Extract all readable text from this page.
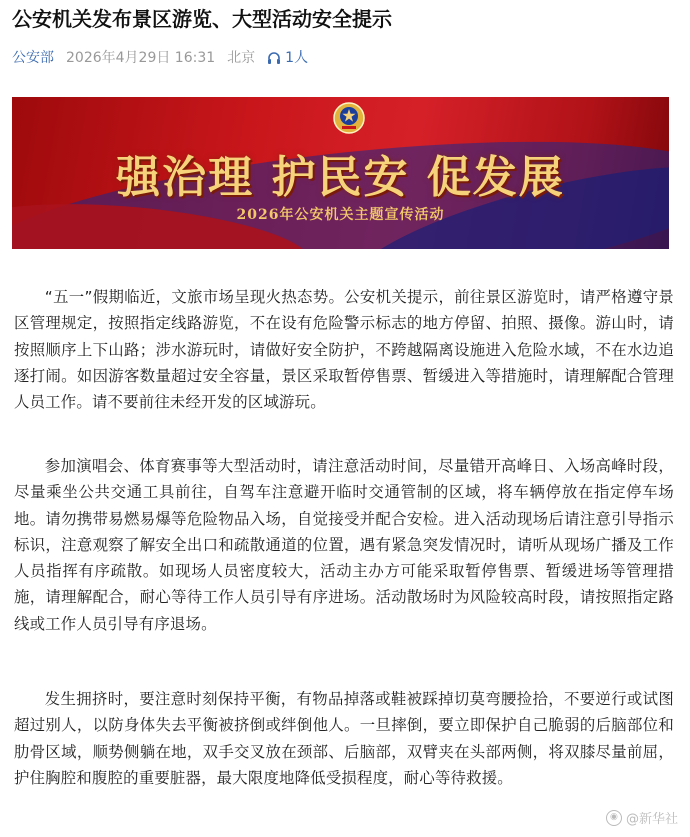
公安机关发布景区游览、大型活动安全提示
公安部 2026年4月29日 16:31 北京 1人
强治理 护民安 促发展
2026年公安机关主题宣传活动

“五一”假期临近，文旅市场呈现火热态势。公安机关提示，前往景区游览时，请严格遵守景区管理规定，按照指定线路游览，不在设有危险警示标志的地方停留、拍照、摄像。游山时，请按照顺序上下山路；涉水游玩时，请做好安全防护，不跨越隔离设施进入危险水域，不在水边追逐打闹。如因游客数量超过安全容量，景区采取暂停售票、暂缓进入等措施时，请理解配合管理人员工作。请不要前往未经开发的区域游玩。

参加演唱会、体育赛事等大型活动时，请注意活动时间，尽量错开高峰日、入场高峰时段，尽量乘坐公共交通工具前往，自驾车注意避开临时交通管制的区域，将车辆停放在指定停车场地。请勿携带易燃易爆等危险物品入场，自觉接受并配合安检。进入活动现场后请注意引导指示标识，注意观察了解安全出口和疏散通道的位置，遇有紧急突发情况时，请听从现场广播及工作人员指挥有序疏散。如现场人员密度较大，活动主办方可能采取暂停售票、暂缓进场等管理措施，请理解配合，耐心等待工作人员引导有序进场。活动散场时为风险较高时段，请按照指定路线或工作人员引导有序退场。

发生拥挤时，要注意时刻保持平衡，有物品掉落或鞋被踩掉切莫弯腰捡拾，不要逆行或试图超过别人，以防身体失去平衡被挤倒或绊倒他人。一旦摔倒，要立即保护自己脆弱的后脑部位和肋骨区域，顺势侧躺在地，双手交叉放在颈部、后脑部，双臂夹在头部两侧，将双膝尽量前屈，护住胸腔和腹腔的重要脏器，最大限度地降低受损程度，耐心等待救援。

◉ @新华社
